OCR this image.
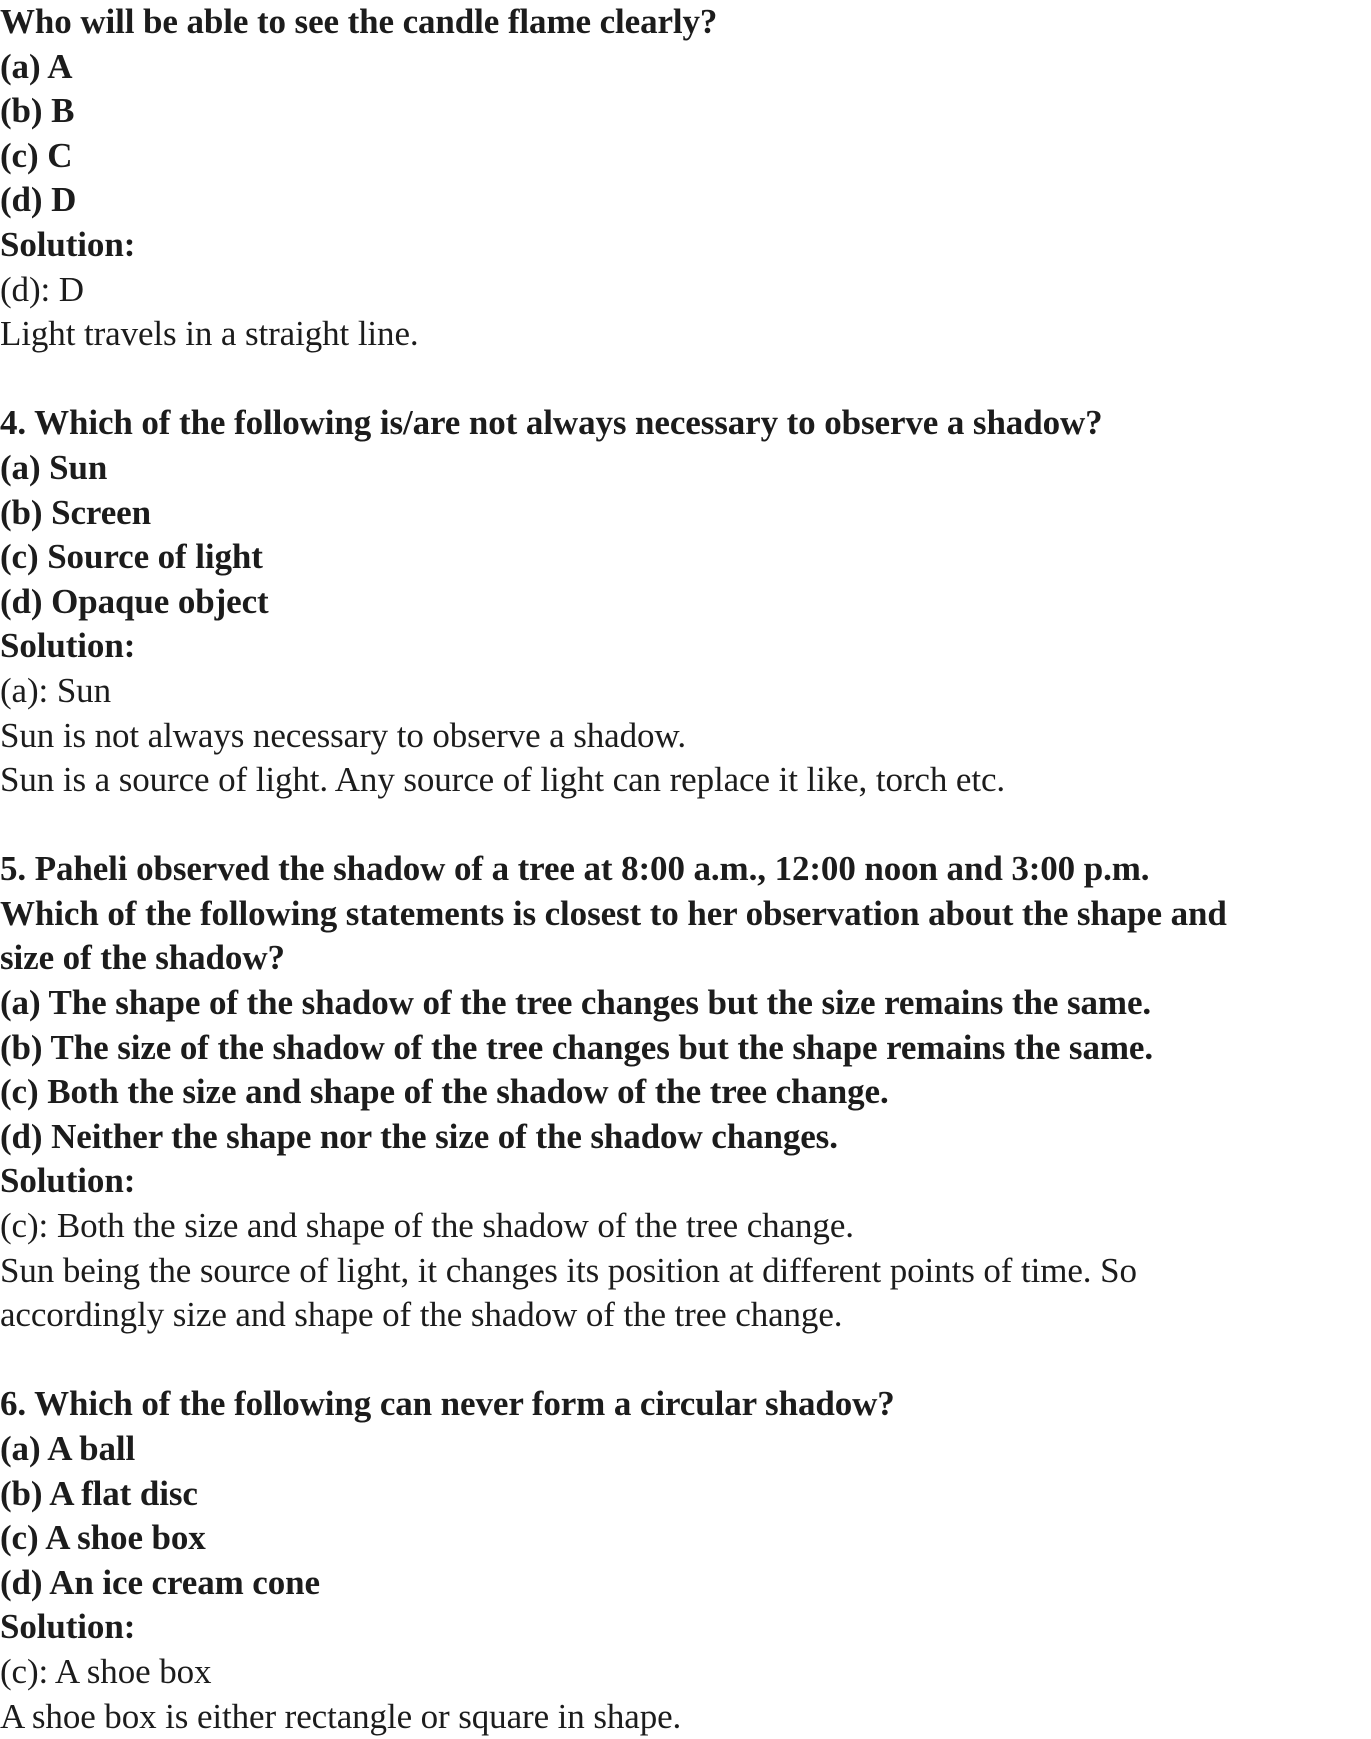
Who will be able to see the candle flame clearly?
(a) A
(b) B
(c) C
(d) D
Solution:
(d): D
Light travels in a straight line.
4. Which of the following is/are not always necessary to observe a shadow?
(a) Sun
(b) Screen
(c) Source of light
(d) Opaque object
Solution:
(a): Sun
Sun is not always necessary to observe a shadow.
Sun is a source of light. Any source of light can replace it like, torch etc.
5. Paheli observed the shadow of a tree at 8:00 a.m., 12:00 noon and 3:00 p.m.
Which of the following statements is closest to her observation about the shape and
size of the shadow?
(a) The shape of the shadow of the tree changes but the size remains the same.
(b) The size of the shadow of the tree changes but the shape remains the same.
(c) Both the size and shape of the shadow of the tree change.
(d) Neither the shape nor the size of the shadow changes.
Solution:
(c): Both the size and shape of the shadow of the tree change.
Sun being the source of light, it changes its position at different points of time. So
accordingly size and shape of the shadow of the tree change.
6. Which of the following can never form a circular shadow?
(a) A ball
(b) A flat disc
(c) A shoe box
(d) An ice cream cone
Solution:
(c): A shoe box
A shoe box is either rectangle or square in shape.
